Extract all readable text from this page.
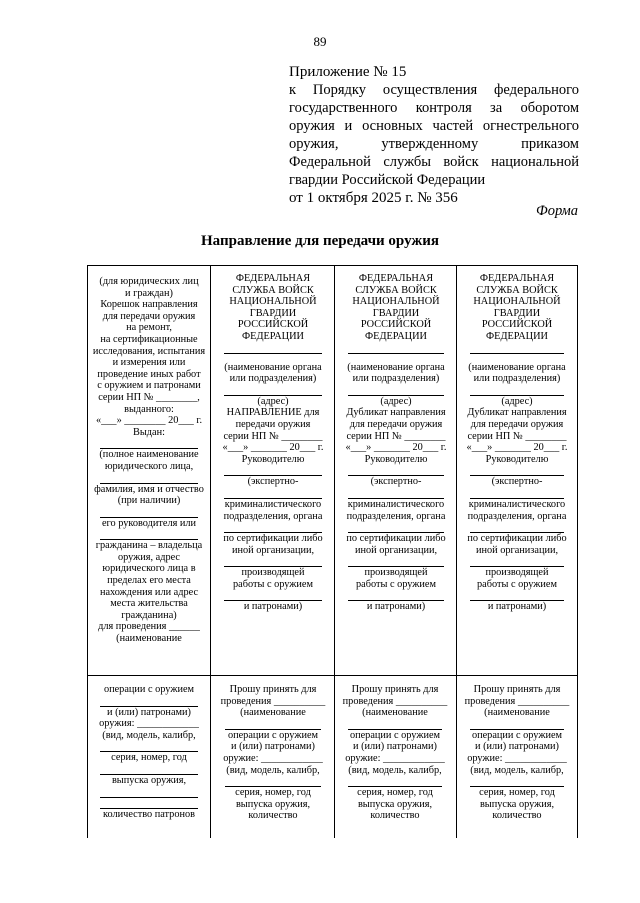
89
Приложение № 15
к Порядку осуществления федерального государственного контроля за оборотом оружия и основных частей огнестрельного оружия, утвержденному приказом Федеральной службы войск национальной гвардии Российской Федерации
от 1 октября 2025 г. № 356
Форма
Направление для передачи оружия
(для юридических лиц
и граждан)
Корешок направления
для передачи оружия
на ремонт,
на сертификационные
исследования, испытания
и измерения или
проведение иных работ
с оружием и патронами
серии НП № ________,
выданного:
«___» ________ 20___ г.
Выдан:
(полное наименование
юридического лица,
фамилия, имя и отчество
(при наличии)
его руководителя или
гражданина – владельца
оружия, адрес
юридического лица в
пределах его места
нахождения или адрес
места жительства
гражданина)
для проведения ______
(наименование
операции с оружием
и (или) патронами)
оружия: ____________
(вид, модель, калибр,
серия, номер, год
выпуска оружия,
количество патронов
ФЕДЕРАЛЬНАЯ
СЛУЖБА ВОЙСК
НАЦИОНАЛЬНОЙ
ГВАРДИИ
РОССИЙСКОЙ
ФЕДЕРАЦИИ
(наименование органа
или подразделения)
(адрес)
НАПРАВЛЕНИЕ для
передачи оружия
серии НП № ________
«___» _______ 20___ г.
Руководителю
(экспертно-
криминалистического
подразделения, органа
по сертификации либо
иной организации,
производящей
работы с оружием
и патронами)
ФЕДЕРАЛЬНАЯ
СЛУЖБА ВОЙСК
НАЦИОНАЛЬНОЙ
ГВАРДИИ
РОССИЙСКОЙ
ФЕДЕРАЦИИ
(наименование органа
или подразделения)
(адрес)
Дубликат направления
для передачи оружия
серии НП № ________
«___» _______ 20___ г.
Руководителю
(экспертно-
криминалистического
подразделения, органа
по сертификации либо
иной организации,
производящей
работы с оружием
и патронами)
ФЕДЕРАЛЬНАЯ
СЛУЖБА ВОЙСК
НАЦИОНАЛЬНОЙ
ГВАРДИИ
РОССИЙСКОЙ
ФЕДЕРАЦИИ
(наименование органа
или подразделения)
(адрес)
Дубликат направления
для передачи оружия
серии НП № ________
«___» _______ 20___ г.
Руководителю
(экспертно-
криминалистического
подразделения, органа
по сертификации либо
иной организации,
производящей
работы с оружием
и патронами)
Прошу принять для
проведения __________
(наименование
операции с оружием
и (или) патронами)
оружие: ____________
(вид, модель, калибр,
серия, номер, год
выпуска оружия,
количество
Прошу принять для
проведения __________
(наименование
операции с оружием
и (или) патронами)
оружие: ____________
(вид, модель, калибр,
серия, номер, год
выпуска оружия,
количество
Прошу принять для
проведения __________
(наименование
операции с оружием
и (или) патронами)
оружие: ____________
(вид, модель, калибр,
серия, номер, год
выпуска оружия,
количество
